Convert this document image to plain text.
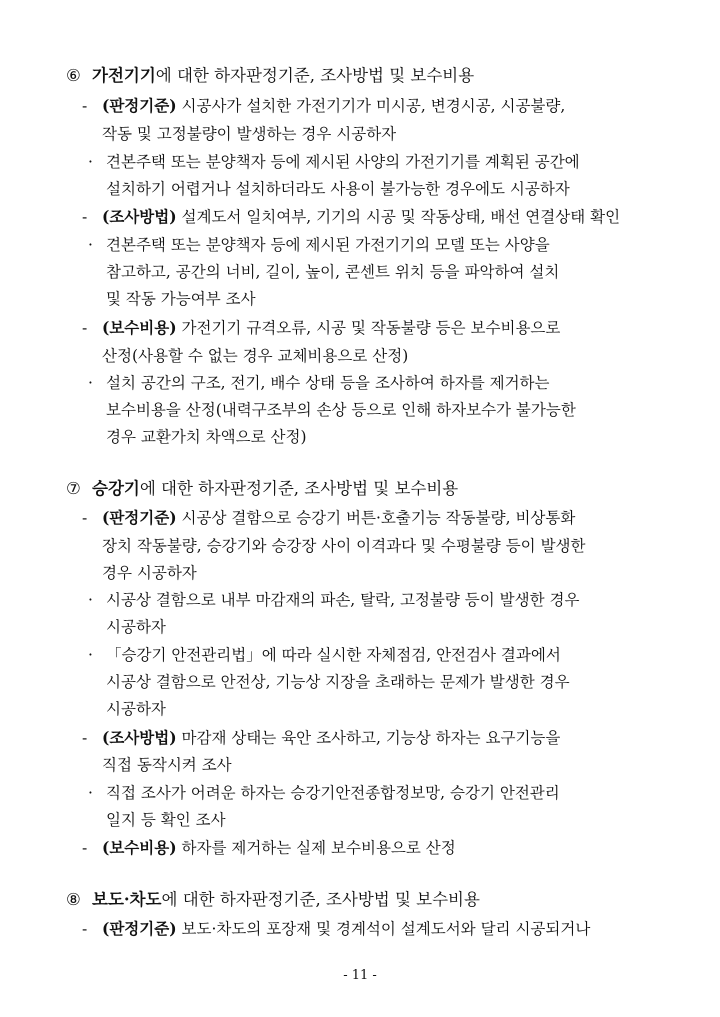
⑥ 가전기기에 대한 하자판정기준, 조사방법 및 보수비용
- (판정기준) 시공사가 설치한 가전기기가 미시공, 변경시공, 시공불량,
작동 및 고정불량이 발생하는 경우 시공하자
· 견본주택 또는 분양책자 등에 제시된 사양의 가전기기를 계획된 공간에
설치하기 어렵거나 설치하더라도 사용이 불가능한 경우에도 시공하자
- (조사방법) 설계도서 일치여부, 기기의 시공 및 작동상태, 배선 연결상태 확인
· 견본주택 또는 분양책자 등에 제시된 가전기기의 모델 또는 사양을
참고하고, 공간의 너비, 길이, 높이, 콘센트 위치 등을 파악하여 설치
및 작동 가능여부 조사
- (보수비용) 가전기기 규격오류, 시공 및 작동불량 등은 보수비용으로
산정(사용할 수 없는 경우 교체비용으로 산정)
· 설치 공간의 구조, 전기, 배수 상태 등을 조사하여 하자를 제거하는
보수비용을 산정(내력구조부의 손상 등으로 인해 하자보수가 불가능한
경우 교환가치 차액으로 산정)
⑦ 승강기에 대한 하자판정기준, 조사방법 및 보수비용
- (판정기준) 시공상 결함으로 승강기 버튼·호출기능 작동불량, 비상통화
장치 작동불량, 승강기와 승강장 사이 이격과다 및 수평불량 등이 발생한
경우 시공하자
· 시공상 결함으로 내부 마감재의 파손, 탈락, 고정불량 등이 발생한 경우
시공하자
· 「승강기 안전관리법」에 따라 실시한 자체점검, 안전검사 결과에서
시공상 결함으로 안전상, 기능상 지장을 초래하는 문제가 발생한 경우
시공하자
- (조사방법) 마감재 상태는 육안 조사하고, 기능상 하자는 요구기능을
직접 동작시켜 조사
· 직접 조사가 어려운 하자는 승강기안전종합정보망, 승강기 안전관리
일지 등 확인 조사
- (보수비용) 하자를 제거하는 실제 보수비용으로 산정
⑧ 보도·차도에 대한 하자판정기준, 조사방법 및 보수비용
- (판정기준) 보도·차도의 포장재 및 경계석이 설계도서와 달리 시공되거나
- 11 -
